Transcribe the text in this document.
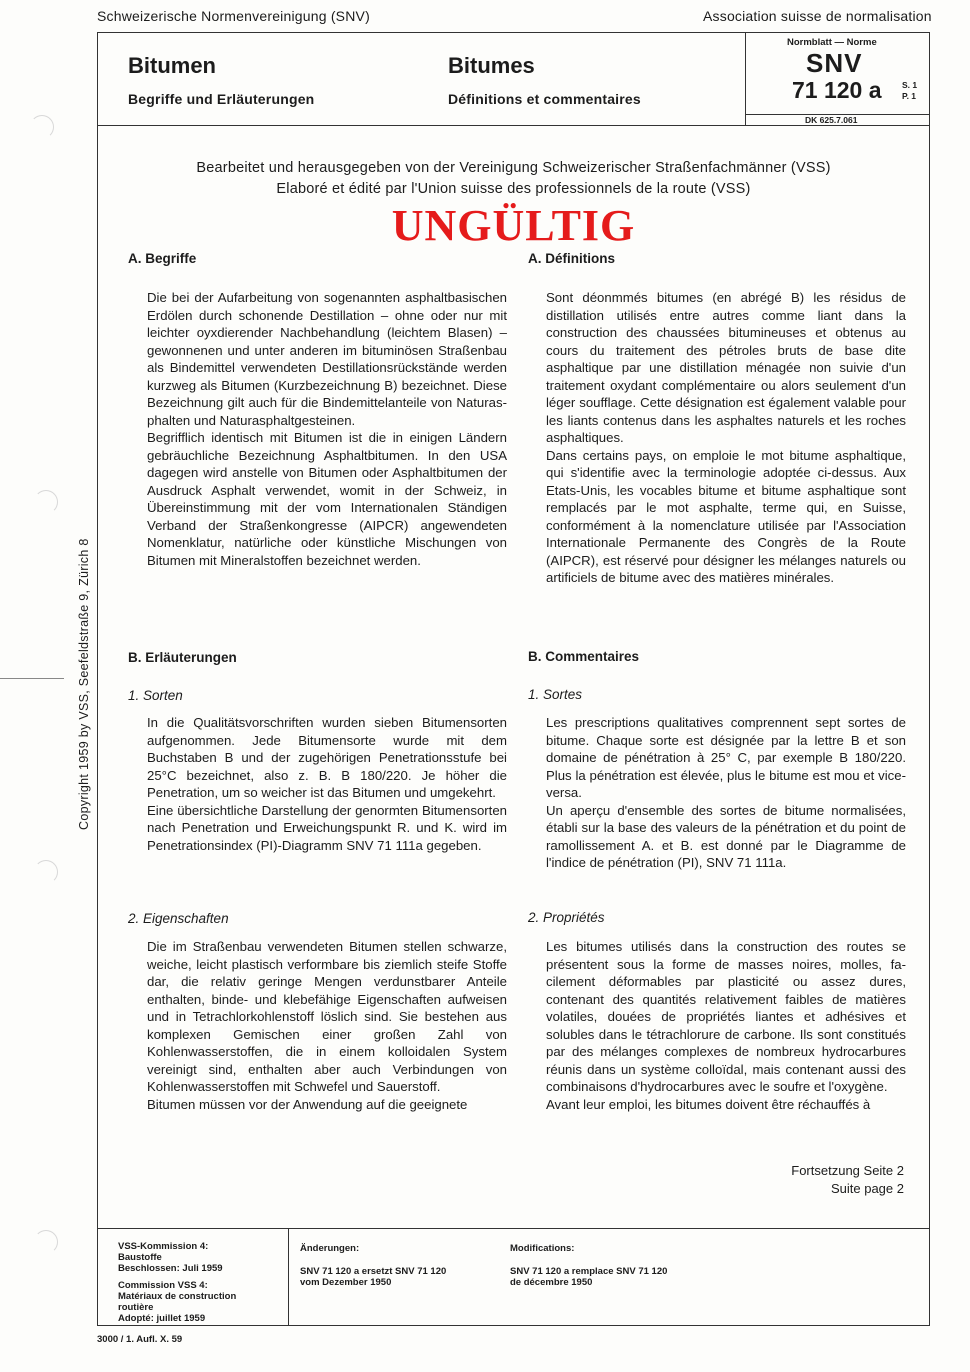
Schweizerische Normenvereinigung (SNV)	Association suisse de normalisation
Bitumen
Begriffe und Erläuterungen
Bitumes
Définitions et commentaires
Normblatt — Norme
SNV
71 120 a S. 1
P. 1
DK 625.7.061
Bearbeitet und herausgegeben von der Vereinigung Schweizerischer Straßenfachmänner (VSS)
Elaboré et édité par l'Union suisse des professionnels de la route (VSS)
UNGÜLTIG
A. Begriffe	A. Définitions

Die bei der Aufarbeitung von sogenannten asphaltbasischen Erdölen durch schonende Destillation – ohne oder nur mit leichter oyxdierender Nachbehandlung (leichtem Blasen) – gewonnenen und unter anderen im bituminösen Straßenbau als Bindemittel verwendeten Destillationsrückstände werden kurzweg als Bitumen (Kurzbezeichnung B) bezeichnet. Diese Bezeichnung gilt auch für die Bindemittelanteile von Naturasphalten und Naturasphaltgesteinen.

Begrifflich identisch mit Bitumen ist die in einigen Ländern gebräuchliche Bezeichnung Asphaltbitumen. In den USA dagegen wird anstelle von Bitumen oder Asphaltbitumen der Ausdruck Asphalt verwendet, womit in der Schweiz, in Übereinstimmung mit der vom Internationalen Ständigen Verband der Straßenkongresse (AIPCR) angewendeten Nomenklatur, natürliche oder künstliche Mischungen von Bitumen mit Mineralstoffen bezeichnet werden.

Sont déonmmés bitumes (en abrégé B) les résidus de distillation utilisés entre autres comme liant dans la construction des chaussées bitumineuses et obtenus au cours du traitement des pétroles bruts de base dite asphaltique par une distillation ménagée non suivie d'un traitement oxydant complémentaire ou alors seulement d'un léger soufflage. Cette désignation est également valable pour les liants contenus dans les asphaltes naturels et les roches asphaltiques.

Dans certains pays, on emploie le mot bitume asphaltique, qui s'identifie avec la terminologie adoptée ci-dessus. Aux Etats-Unis, les vocables bitume et bitume asphaltique sont remplacés par le mot asphalte, terme qui, en Suisse, conformément à la nomenclature utilisée par l'Association Internationale Permanente des Congrès de la Route (AIPCR), est réservé pour désigner les mélanges naturels ou artificiels de bitume avec des matières minérales.

B. Erläuterungen	B. Commentaires
1. Sorten	1. Sortes

In die Qualitätsvorschriften wurden sieben Bitumensorten aufgenommen. Jede Bitumensorte wurde mit dem Buchstaben B und der zugehörigen Penetrationsstufe bei 25°C bezeichnet, also z. B. B 180/220. Je höher die Penetration, um so weicher ist das Bitumen und umgekehrt.

Eine übersichtliche Darstellung der genormten Bitumensorten nach Penetration und Erweichungspunkt R. und K. wird im Penetrationsindex (PI)-Diagramm SNV 71 111a gegeben.

Les prescriptions qualitatives comprennent sept sortes de bitume. Chaque sorte est désignée par la lettre B et son domaine de pénétration à 25° C, par exemple B 180/220. Plus la pénétration est élevée, plus le bitume est mou et vice-versa.

Un aperçu d'ensemble des sortes de bitume normalisées, établi sur la base des valeurs de la pénétration et du point de ramollissement A. et B. est donné par le Diagramme de l'indice de pénétration (PI), SNV 71 111a.

2. Eigenschaften	2. Propriétés

Die im Straßenbau verwendeten Bitumen stellen schwarze, weiche, leicht plastisch verformbare bis ziemlich steife Stoffe dar, die relativ geringe Mengen verdunstbarer Anteile enthalten, binde- und klebefähige Eigenschaften aufweisen und in Tetrachlorkohlenstoff löslich sind. Sie bestehen aus komplexen Gemischen einer großen Zahl von Kohlenwasserstoffen, die in einem kolloidalen System vereinigt sind, enthalten aber auch Verbindungen von Kohlenwasserstoffen mit Schwefel und Sauerstoff.

Bitumen müssen vor der Anwendung auf die geeignete

Les bitumes utilisés dans la construction des routes se présentent sous la forme de masses noires, molles, facilement déformables par plasticité ou assez dures, contenant des quantités relativement faibles de matières volatiles, douées de propriétés liantes et adhésives et solubles dans le tétrachlorure de carbone. Ils sont constitués par des mélanges complexes de nombreux hydrocarbures réunis dans un système colloïdal, mais contenant aussi des combinaisons d'hydrocarbures avec le soufre et l'oxygène.

Avant leur emploi, les bitumes doivent être réchauffés à

Fortsetzung Seite 2
Suite page 2
VSS-Kommission 4:
Baustoffe
Beschlossen: Juli 1959
Commission VSS 4:
Matériaux de construction
routière
Adopté: juillet 1959
Änderungen:
SNV 71 120 a ersetzt SNV 71 120
vom Dezember 1950
Modifications:
SNV 71 120 a remplace SNV 71 120
de décembre 1950
3000 / 1. Aufl. X. 59
Copyright 1959 by VSS, Seefeldstraße 9, Zürich 8
